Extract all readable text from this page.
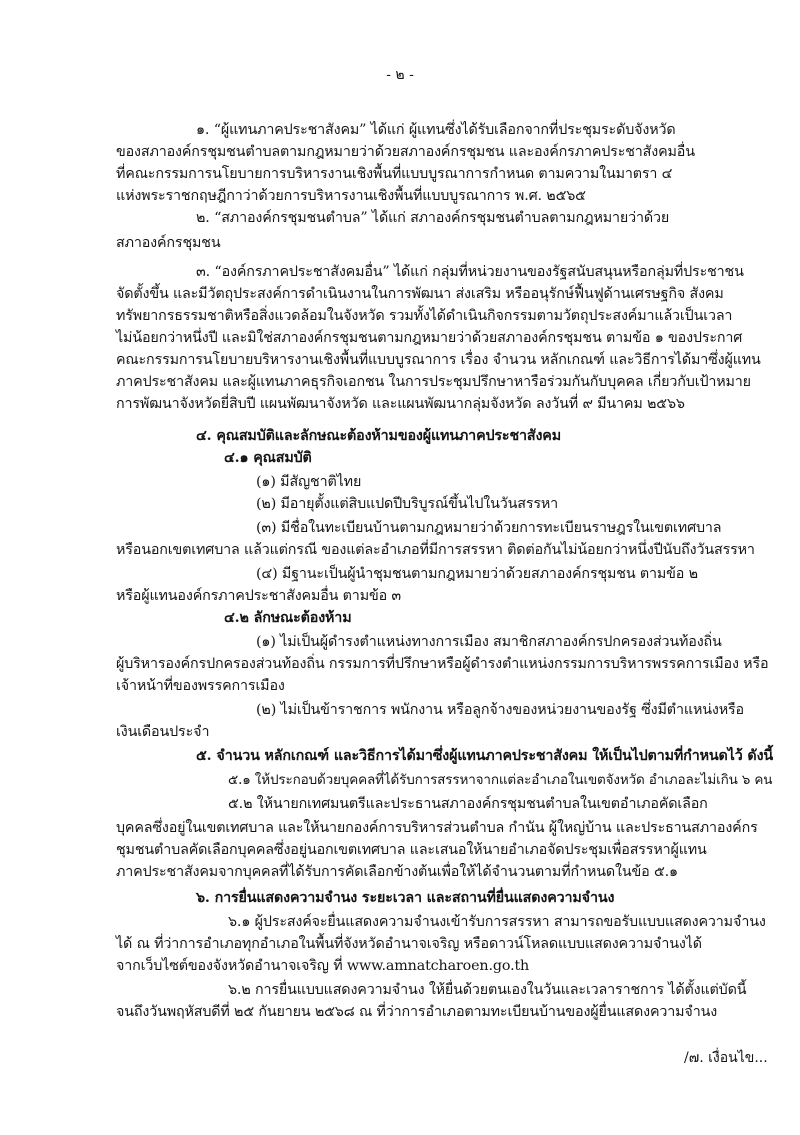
- ๒ -
๑. “ผู้แทนภาคประชาสังคม” ได้แก่ ผู้แทนซึ่งได้รับเลือกจากที่ประชุมระดับจังหวัด
ของสภาองค์กรชุมชนตำบลตามกฎหมายว่าด้วยสภาองค์กรชุมชน และองค์กรภาคประชาสังคมอื่น
ที่คณะกรรมการนโยบายการบริหารงานเชิงพื้นที่แบบบูรณาการกำหนด ตามความในมาตรา ๔
แห่งพระราชกฤษฎีกาว่าด้วยการบริหารงานเชิงพื้นที่แบบบูรณาการ พ.ศ. ๒๕๖๕
๒. “สภาองค์กรชุมชนตำบล” ได้แก่ สภาองค์กรชุมชนตำบลตามกฎหมายว่าด้วย
สภาองค์กรชุมชน
๓. “องค์กรภาคประชาสังคมอื่น” ได้แก่ กลุ่มที่หน่วยงานของรัฐสนับสนุนหรือกลุ่มที่ประชาชน
จัดตั้งขึ้น และมีวัตถุประสงค์การดำเนินงานในการพัฒนา ส่งเสริม หรืออนุรักษ์ฟื้นฟูด้านเศรษฐกิจ สังคม
ทรัพยากรธรรมชาติหรือสิ่งแวดล้อมในจังหวัด รวมทั้งได้ดำเนินกิจกรรมตามวัตถุประสงค์มาแล้วเป็นเวลา
ไม่น้อยกว่าหนึ่งปี และมิใช่สภาองค์กรชุมชนตามกฎหมายว่าด้วยสภาองค์กรชุมชน ตามข้อ ๑ ของประกาศ
คณะกรรมการนโยบายบริหารงานเชิงพื้นที่แบบบูรณาการ เรื่อง จำนวน หลักเกณฑ์ และวิธีการได้มาซึ่งผู้แทน
ภาคประชาสังคม และผู้แทนภาคธุรกิจเอกชน ในการประชุมปรึกษาหารือร่วมกันกับบุคคล เกี่ยวกับเป้าหมาย
การพัฒนาจังหวัดยี่สิบปี แผนพัฒนาจังหวัด และแผนพัฒนากลุ่มจังหวัด ลงวันที่ ๙ มีนาคม ๒๕๖๖
๔. คุณสมบัติและลักษณะต้องห้ามของผู้แทนภาคประชาสังคม
๔.๑ คุณสมบัติ
(๑) มีสัญชาติไทย
(๒) มีอายุตั้งแต่สิบแปดปีบริบูรณ์ขึ้นไปในวันสรรหา
(๓) มีชื่อในทะเบียนบ้านตามกฎหมายว่าด้วยการทะเบียนราษฎรในเขตเทศบาล
หรือนอกเขตเทศบาล แล้วแต่กรณี ของแต่ละอำเภอที่มีการสรรหา ติดต่อกันไม่น้อยกว่าหนึ่งปีนับถึงวันสรรหา
(๔) มีฐานะเป็นผู้นำชุมชนตามกฎหมายว่าด้วยสภาองค์กรชุมชน ตามข้อ ๒
หรือผู้แทนองค์กรภาคประชาสังคมอื่น ตามข้อ ๓
๔.๒ ลักษณะต้องห้าม
(๑) ไม่เป็นผู้ดำรงตำแหน่งทางการเมือง สมาชิกสภาองค์กรปกครองส่วนท้องถิ่น
ผู้บริหารองค์กรปกครองส่วนท้องถิ่น กรรมการที่ปรึกษาหรือผู้ดำรงตำแหน่งกรรมการบริหารพรรคการเมือง หรือ
เจ้าหน้าที่ของพรรคการเมือง
(๒) ไม่เป็นข้าราชการ พนักงาน หรือลูกจ้างของหน่วยงานของรัฐ ซึ่งมีตำแหน่งหรือ
เงินเดือนประจำ
๕. จำนวน หลักเกณฑ์ และวิธีการได้มาซึ่งผู้แทนภาคประชาสังคม ให้เป็นไปตามที่กำหนดไว้ ดังนี้
๕.๑ ให้ประกอบด้วยบุคคลที่ได้รับการสรรหาจากแต่ละอำเภอในเขตจังหวัด อำเภอละไม่เกิน ๖ คน
๕.๒ ให้นายกเทศมนตรีและประธานสภาองค์กรชุมชนตำบลในเขตอำเภอคัดเลือก
บุคคลซึ่งอยู่ในเขตเทศบาล และให้นายกองค์การบริหารส่วนตำบล กำนัน ผู้ใหญ่บ้าน และประธานสภาองค์กร
ชุมชนตำบลคัดเลือกบุคคลซึ่งอยู่นอกเขตเทศบาล และเสนอให้นายอำเภอจัดประชุมเพื่อสรรหาผู้แทน
ภาคประชาสังคมจากบุคคลที่ได้รับการคัดเลือกข้างต้นเพื่อให้ได้จำนวนตามที่กำหนดในข้อ ๕.๑
๖. การยื่นแสดงความจำนง ระยะเวลา และสถานที่ยื่นแสดงความจำนง
๖.๑ ผู้ประสงค์จะยื่นแสดงความจำนงเข้ารับการสรรหา สามารถขอรับแบบแสดงความจำนง
ได้ ณ ที่ว่าการอำเภอทุกอำเภอในพื้นที่จังหวัดอำนาจเจริญ หรือดาวน์โหลดแบบแสดงความจำนงได้
จากเว็บไซต์ของจังหวัดอำนาจเจริญ ที่ www.amnatcharoen.go.th
๖.๒ การยื่นแบบแสดงความจำนง ให้ยื่นด้วยตนเองในวันและเวลาราชการ ได้ตั้งแต่บัดนี้
จนถึงวันพฤหัสบดีที่ ๒๕ กันยายน ๒๕๖๘ ณ ที่ว่าการอำเภอตามทะเบียนบ้านของผู้ยื่นแสดงความจำนง
/๗. เงื่อนไข...
